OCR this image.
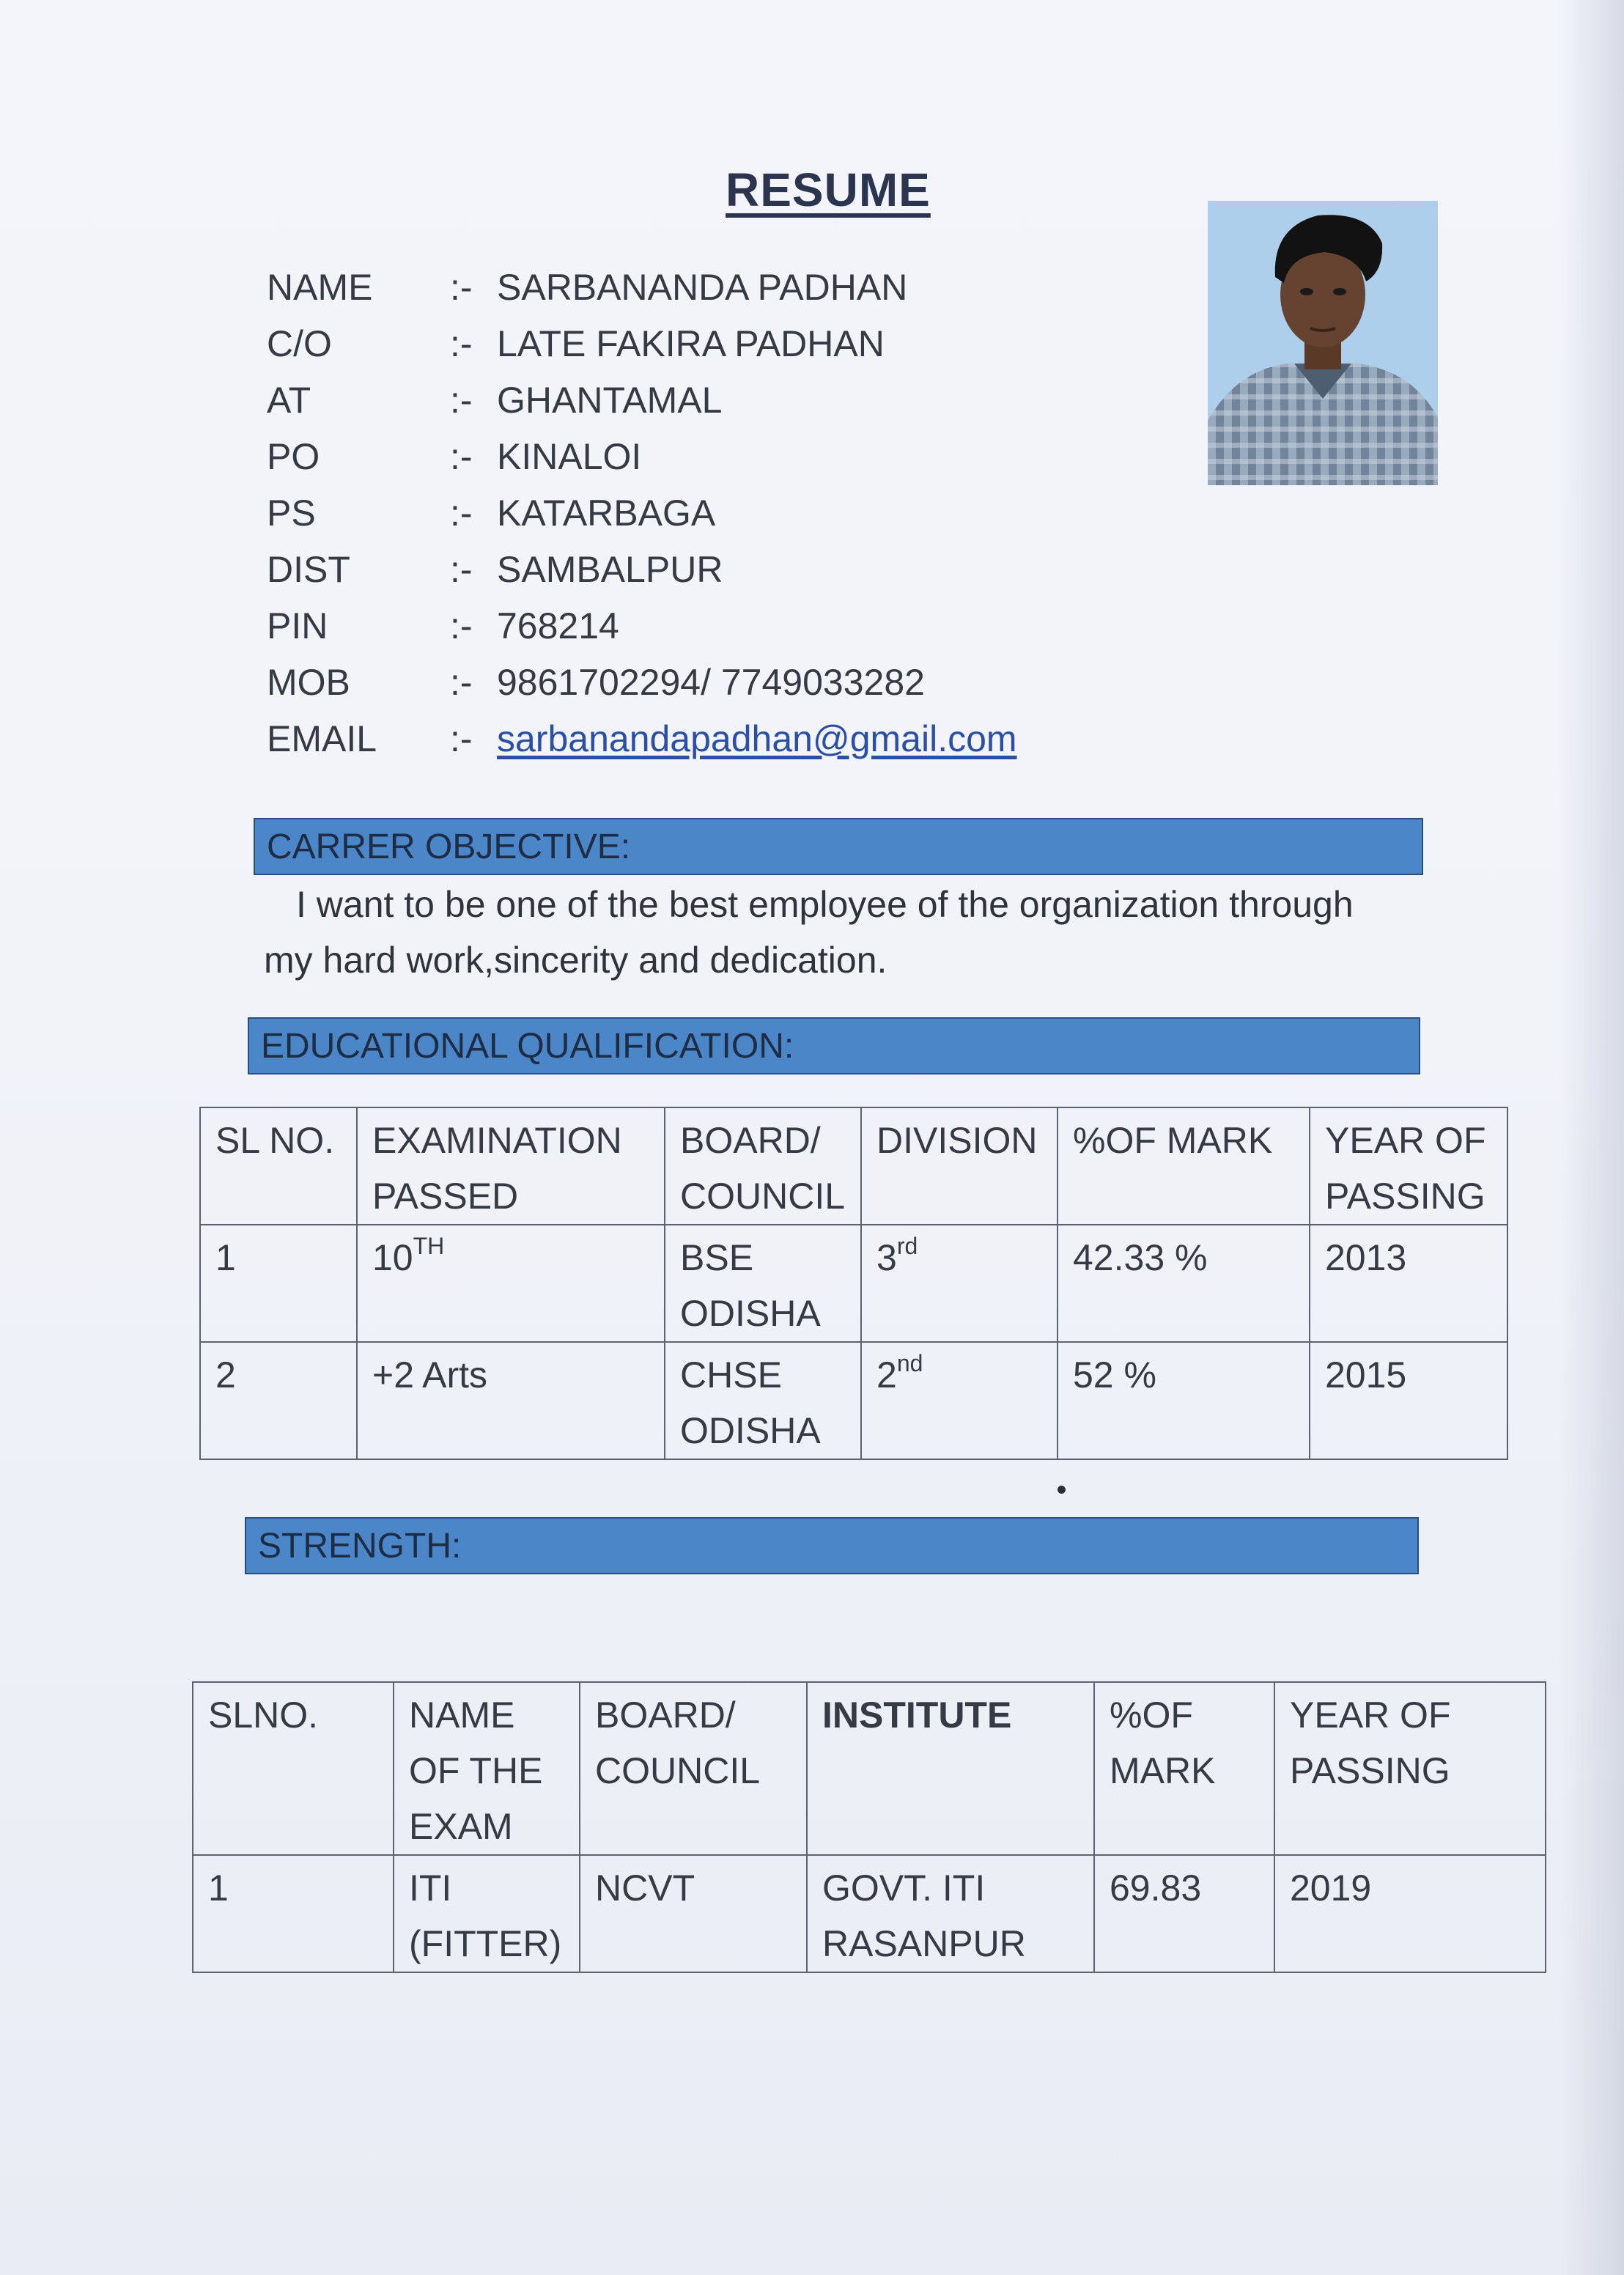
RESUME
NAME :- SARBANANDA PADHAN
C/O	:- LATE FAKIRA PADHAN
AT	:- GHANTAMAL
PO	:- KINALOI
PS	:- KATARBAGA
DIST	:- SAMBALPUR
PIN	:- 768214
MOB	:- 9861702294/ 7749033282
EMAIL :- sarbanandapadhan@gmail.com
CARRER OBJECTIVE:

I want to be one of the best employee of the organization through my hard work,sincerity and dedication.

EDUCATIONAL QUALIFICATION:
SL NO.	EXAMINATION PASSED	BOARD/ COUNCIL	DIVISION	%OF MARK	YEAR OF PASSING
1	10TH	BSE ODISHA	3rd	42.33 %	2013
2	+2 Arts	CHSE ODISHA	2nd	52 %	2015
STRENGTH:
SLNO.	NAME OF THE EXAM	BOARD/ COUNCIL	INSTITUTE	%OF MARK	YEAR OF PASSING
1	ITI (FITTER)	NCVT	GOVT. ITI RASANPUR	69.83	2019
